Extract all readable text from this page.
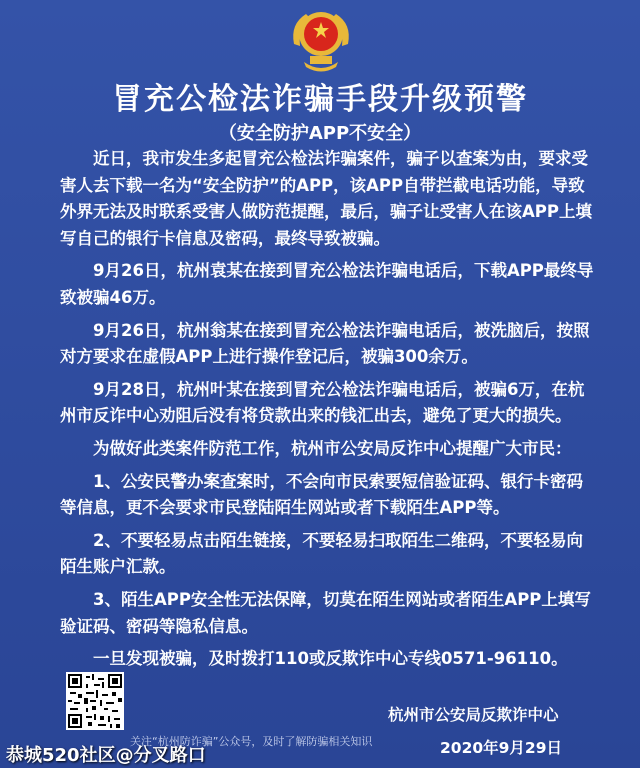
冒充公检法诈骗手段升级预警
（安全防护APP不安全）

近日，我市发生多起冒充公检法诈骗案件，骗子以查案为由，要求受害人去下载一名为“安全防护”的APP，该APP自带拦截电话功能，导致外界无法及时联系受害人做防范提醒，最后，骗子让受害人在该APP上填写自己的银行卡信息及密码，最终导致被骗。

9月26日，杭州袁某在接到冒充公检法诈骗电话后，下载APP最终导致被骗46万。

9月26日，杭州翁某在接到冒充公检法诈骗电话后，被洗脑后，按照对方要求在虚假APP上进行操作登记后，被骗300余万。

9月28日，杭州叶某在接到冒充公检法诈骗电话后，被骗6万，在杭州市反诈中心劝阻后没有将贷款出来的钱汇出去，避免了更大的损失。

为做好此类案件防范工作，杭州市公安局反诈中心提醒广大市民：

1、公安民警办案查案时，不会向市民索要短信验证码、银行卡密码等信息，更不会要求市民登陆陌生网站或者下载陌生APP等。

2、不要轻易点击陌生链接，不要轻易扫取陌生二维码，不要轻易向陌生账户汇款。

3、陌生APP安全性无法保障，切莫在陌生网站或者陌生APP上填写验证码、密码等隐私信息。

一旦发现被骗，及时拨打110或反欺诈中心专线0571-96110。

关注“杭州防诈骗”公众号，及时了解防骗相关知识
杭州市公安局反欺诈中心
2020年9月29日
恭城520社区@分叉路口
